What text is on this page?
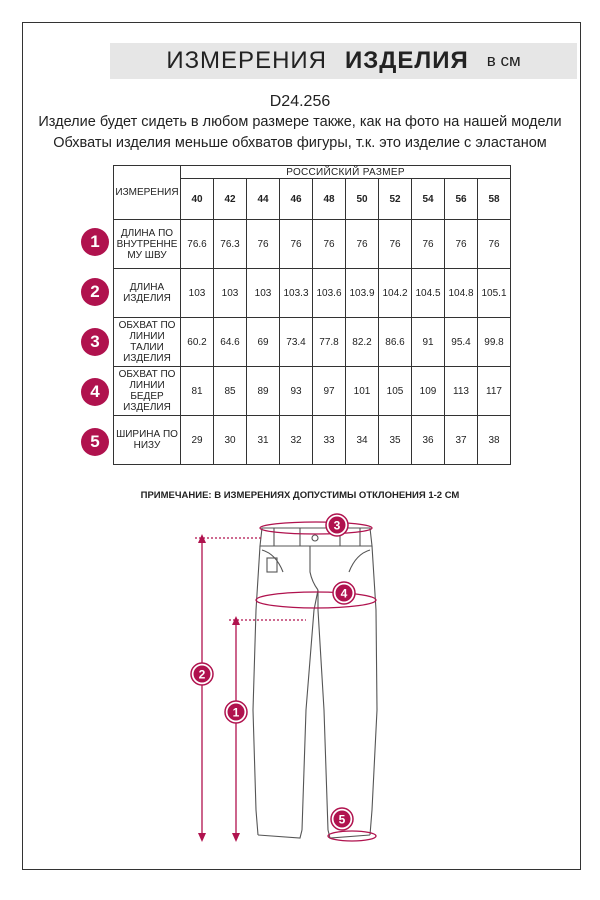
ИЗМЕРЕНИЯ ИЗДЕЛИЯ в см
D24.256
Изделие будет сидеть в любом размере также, как на фото на нашей модели
Обхваты изделия меньше обхватов фигуры, т.к. это изделие с эластаном
ИЗМЕРЕНИЯ	РОССИЙСКИЙ РАЗМЕР									
	40	42	44	46	48	50	52	54	56	58

ДЛИНА ПО
ВНУТРЕННЕ
МУ ШВУ	76.6	76.3	76	76	76	76	76	76	76	76

ДЛИНА
ИЗДЕЛИЯ	103	103	103	103.3	103.6	103.9	104.2	104.5	104.8	105.1

ОБХВАТ ПО
ЛИНИИ
ТАЛИИ
ИЗДЕЛИЯ	60.2	64.6	69	73.4	77.8	82.2	86.6	91	95.4	99.8

ОБХВАТ ПО
ЛИНИИ
БЕДЕР
ИЗДЕЛИЯ	81	85	89	93	97	101	105	109	113	117

ШИРИНА ПО
НИЗУ	29	30	31	32	33	34	35	36	37	38
1
2
3
4
5
ПРИМЕЧАНИЕ: В ИЗМЕРЕНИЯХ ДОПУСТИМЫ ОТКЛОНЕНИЯ 1-2 СМ
3
4
2
1
5
